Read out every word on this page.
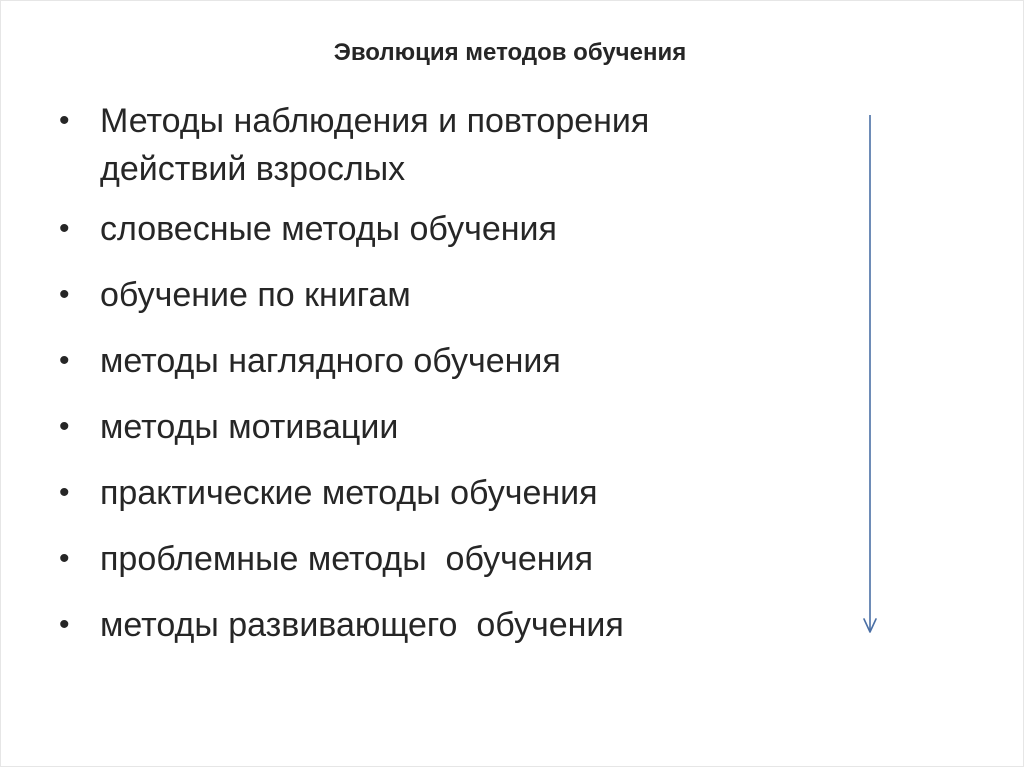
Эволюция методов обучения
• Методы наблюдения и повторения действий взрослых
• словесные методы обучения
• обучение по книгам
• методы наглядного обучения
• методы мотивации
• практические методы обучения
• проблемные методы  обучения
• методы развивающего  обучения
